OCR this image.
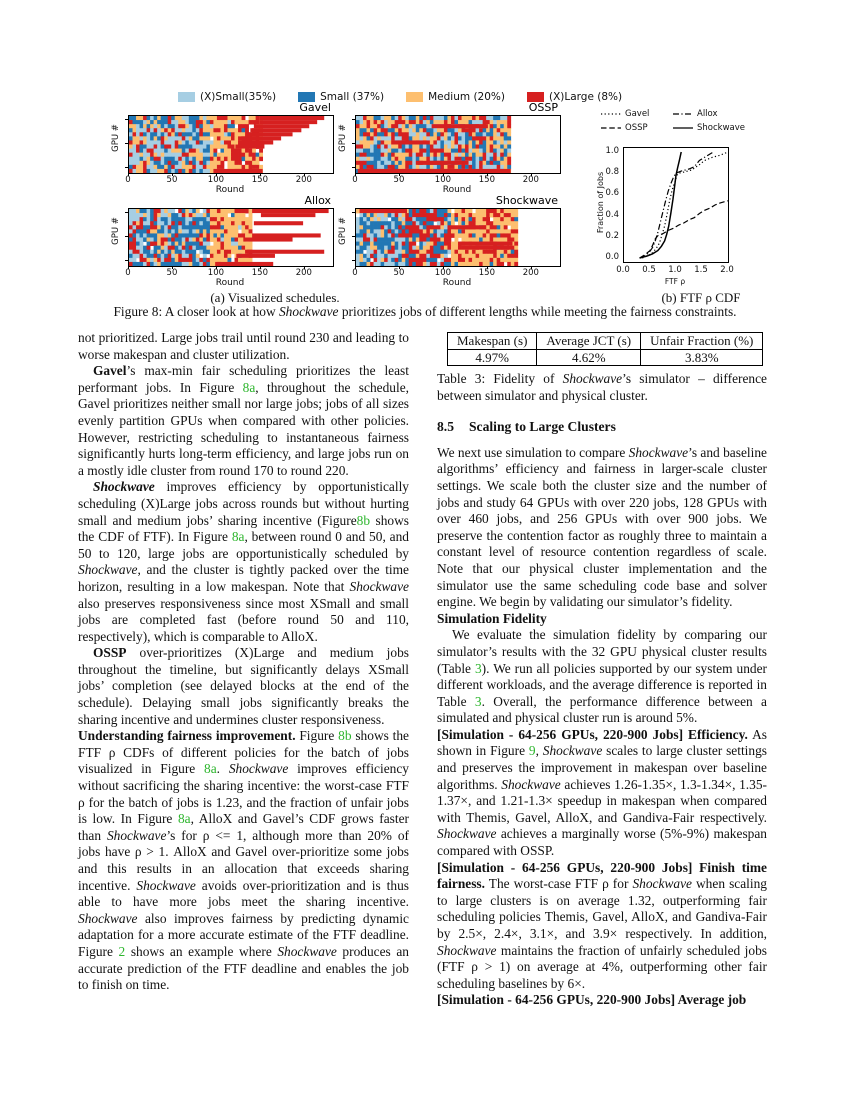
(X)Small(35%)	Small (37%)	Medium (20%)	(X)Large (8%)
Gavel
GPU #
Round
0	50	100	150	200
OSSP
GPU #
Round
0	50	100	150	200
Allox
GPU #
Round
0	50	100	150	200
Shockwave
GPU #
Round
0	50	100	150	200
Gavel	Allox
OSSP	Shockwave
Fraction of Jobs
FTF ρ
0.0
0.2
0.4
0.6
0.8
1.0
0.0	0.5	1.0	1.5	2.0
(a) Visualized schedules.	(b) FTF ρ CDF
Figure 8: A closer look at how Shockwave prioritizes jobs of different lengths while meeting the fairness constraints.

not prioritized. Large jobs trail until round 230 and leading to worse makespan and cluster utilization.

Gavel’s max-min fair scheduling prioritizes the least performant jobs. In Figure 8a, throughout the schedule, Gavel prioritizes neither small nor large jobs; jobs of all sizes evenly partition GPUs when compared with other policies. However, restricting scheduling to instantaneous fairness significantly hurts long-term efficiency, and large jobs run on a mostly idle cluster from round 170 to round 220.

Shockwave improves efficiency by opportunistically scheduling (X)Large jobs across rounds but without hurting small and medium jobs’ sharing incentive (Figure8b shows the CDF of FTF). In Figure 8a, between round 0 and 50, and 50 to 120, large jobs are opportunistically scheduled by Shockwave, and the cluster is tightly packed over the time horizon, resulting in a low makespan. Note that Shockwave also preserves responsiveness since most XSmall and small jobs are completed fast (before round 50 and 110, respectively), which is comparable to AlloX.

OSSP over-prioritizes (X)Large and medium jobs throughout the timeline, but significantly delays XSmall jobs’ completion (see delayed blocks at the end of the schedule). Delaying small jobs significantly breaks the sharing incentive and undermines cluster responsiveness.

Understanding fairness improvement. Figure 8b shows the FTF ρ CDFs of different policies for the batch of jobs visualized in Figure 8a. Shockwave improves efficiency without sacrificing the sharing incentive: the worst-case FTF ρ for the batch of jobs is 1.23, and the fraction of unfair jobs is low. In Figure 8a, AlloX and Gavel’s CDF grows faster than Shockwave’s for ρ <= 1, although more than 20% of jobs have ρ > 1. AlloX and Gavel over-prioritize some jobs and this results in an allocation that exceeds sharing incentive. Shockwave avoids over-prioritization and is thus able to have more jobs meet the sharing incentive. Shockwave also improves fairness by predicting dynamic adaptation for a more accurate estimate of the FTF deadline. Figure 2 shows an example where Shockwave produces an accurate prediction of the FTF deadline and enables the job to finish on time.

Makespan (s)	Average JCT (s)	Unfair Fraction (%)
4.97%	4.62%	3.83%

Table 3: Fidelity of Shockwave’s simulator – difference between simulator and physical cluster.

8.5 Scaling to Large Clusters

We next use simulation to compare Shockwave’s and baseline algorithms’ efficiency and fairness in larger-scale cluster settings. We scale both the cluster size and the number of jobs and study 64 GPUs with over 220 jobs, 128 GPUs with over 460 jobs, and 256 GPUs with over 900 jobs. We preserve the contention factor as roughly three to maintain a constant level of resource contention regardless of scale. Note that our physical cluster implementation and the simulator use the same scheduling code base and solver engine. We begin by validating our simulator’s fidelity.

Simulation Fidelity

We evaluate the simulation fidelity by comparing our simulator’s results with the 32 GPU physical cluster results (Table 3). We run all policies supported by our system under different workloads, and the average difference is reported in Table 3. Overall, the performance difference between a simulated and physical cluster run is around 5%.

[Simulation - 64-256 GPUs, 220-900 Jobs] Efficiency. As shown in Figure 9, Shockwave scales to large cluster settings and preserves the improvement in makespan over baseline algorithms. Shockwave achieves 1.26-1.35×, 1.3-1.34×, 1.35-1.37×, and 1.21-1.3× speedup in makespan when compared with Themis, Gavel, AlloX, and Gandiva-Fair respectively. Shockwave achieves a marginally worse (5%-9%) makespan compared with OSSP.

[Simulation - 64-256 GPUs, 220-900 Jobs] Finish time fairness. The worst-case FTF ρ for Shockwave when scaling to large clusters is on average 1.32, outperforming fair scheduling policies Themis, Gavel, AlloX, and Gandiva-Fair by 2.5×, 2.4×, 3.1×, and 3.9× respectively. In addition, Shockwave maintains the fraction of unfairly scheduled jobs (FTF ρ > 1) on average at 4%, outperforming other fair scheduling baselines by 6×.

[Simulation - 64-256 GPUs, 220-900 Jobs] Average job
